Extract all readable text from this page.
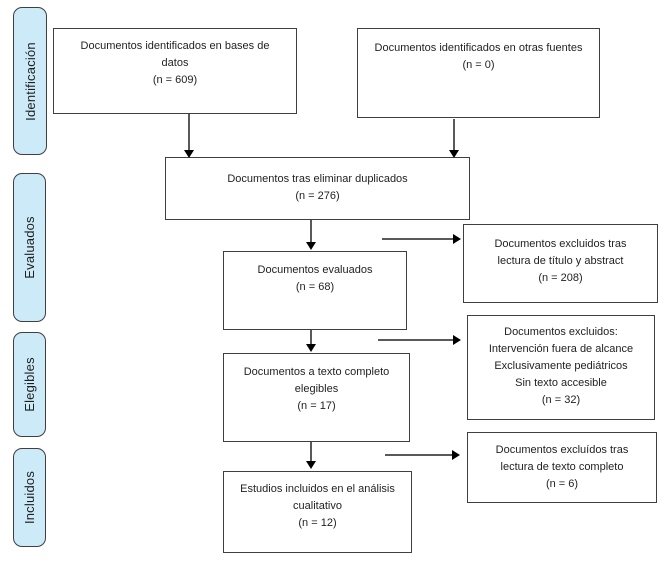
Identificación
Evaluados
Elegibles
Incluidos
Documentos identificados en bases de
datos
(n = 609)
Documentos identificados en otras fuentes
(n = 0)
Documentos tras eliminar duplicados
(n = 276)
Documentos evaluados
(n = 68)
Documentos a texto completo
elegibles
(n = 17)
Estudios incluidos en el análisis
cualitativo
(n = 12)
Documentos excluidos tras
lectura de título y abstract
(n = 208)
Documentos excluidos:
Intervención fuera de alcance
Exclusivamente pediátricos
Sin texto accesible
(n = 32)
Documentos excluídos tras
lectura de texto completo
(n = 6)
